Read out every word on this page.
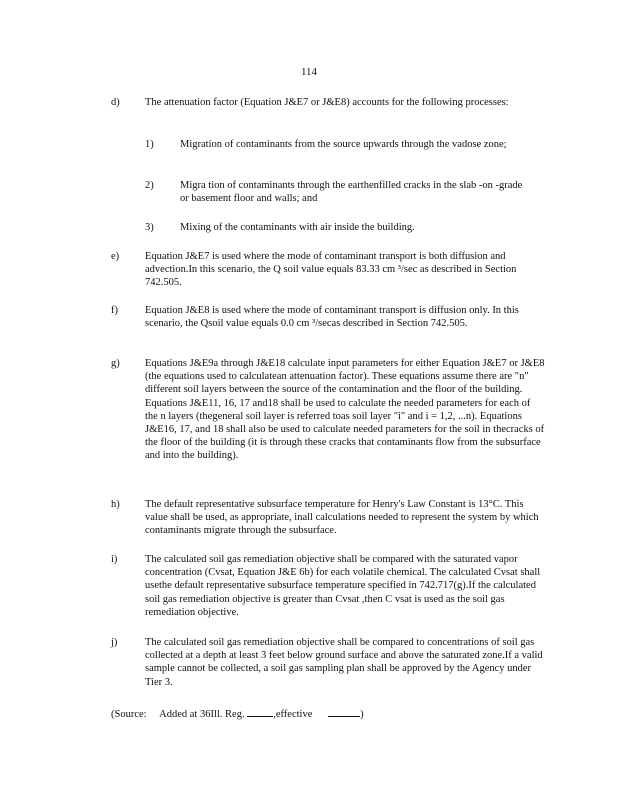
114
d)	The attenuation factor (Equation J&E7 or J&E8) accounts for the following processes:
1)	Migration of contaminants from the source upwards through the vadose zone;
2)	Migra tion of contaminants through the earthenfilled cracks in the slab -on -grade or basement floor and walls; and
3)	Mixing of the contaminants with air inside the building.
e)	Equation J&E7 is used where the mode of contaminant transport is both diffusion and advection.In this scenario, the Q soil value equals 83.33 cm ³/sec as described in Section 742.505.
f)	Equation J&E8 is used where the mode of contaminant transport is diffusion only. In this scenario, the Qsoil value equals 0.0 cm ³/secas described in Section 742.505.
g)	Equations J&E9a through J&E18 calculate input parameters for either Equation J&E7 or J&E8 (the equations used to calculatean attenuation factor). These equations assume there are "n" different soil layers between the source of the contamination and the floor of the building. Equations J&E11, 16, 17 and18 shall be used to calculate the needed parameters for each of the n layers (thegeneral soil layer is referred toas soil layer "i" and i = 1,2, ...n). Equations J&E16, 17, and 18 shall also be used to calculate needed parameters for the soil in thecracks of the floor of the building (it is through these cracks that contaminants flow from the subsurface and into the building).
h)	The default representative subsurface temperature for Henry's Law Constant is 13°C. This value shall be used, as appropriate, inall calculations needed to represent the system by which contaminants migrate through the subsurface.
i)	The calculated soil gas remediation objective shall be compared with the saturated vapor concentration (Cvsat, Equation J&E 6b) for each volatile chemical. The calculated Cvsat shall usethe default representative subsurface temperature specified in 742.717(g).If the calculated soil gas remediation objective is greater than Cvsat ,then C vsat is used as the soil gas remediation objective.
j)	The calculated soil gas remediation objective shall be compared to concentrations of soil gas collected at a depth at least 3 feet below ground surface and above the saturated zone.If a valid sample cannot be collected, a soil gas sampling plan shall be approved by the Agency under Tier 3.
(Source: Added at 36Ill. Reg.	,effective	)
